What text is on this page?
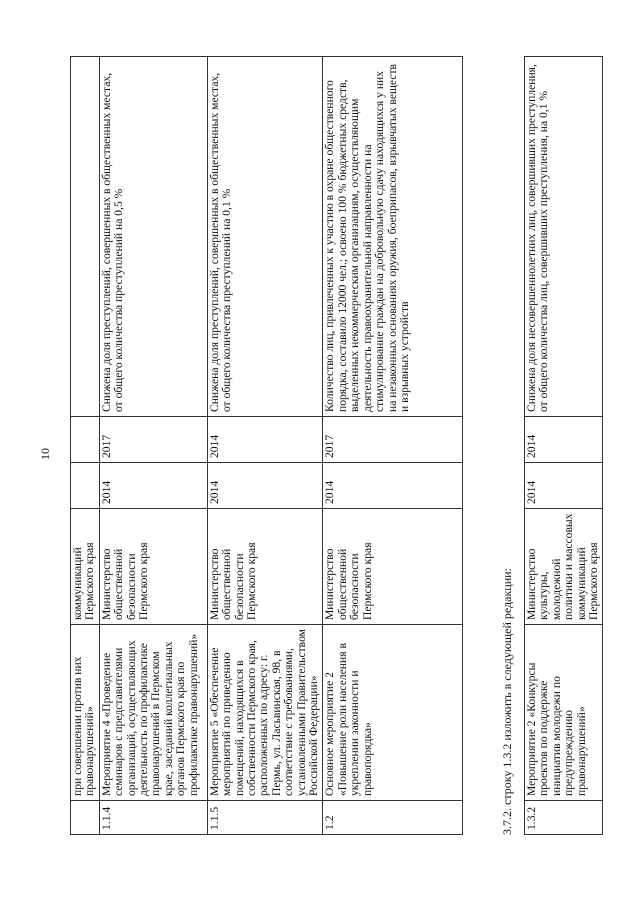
10
	при совершении против них правонарушений»	коммуникаций Пермского края			
1.1.4	Мероприятие 4 «Проведение семинаров с представителями организаций, осуществляющих деятельность по профилактике правонарушений в Пермском крае, заседаний коллегиальных органов Пермского края по профилактике правонарушений»	Министерство общественной безопасности Пермского края	2014	2017	Снижена доля преступлений, совершенных в общественных местах, от общего количества преступлений на 0,5 %
1.1.5	Мероприятие 5 «Обеспечение мероприятий по приведению помещений, находящихся в собственности Пермского края, расположенных по адресу: г. Пермь, ул. Ласьвинская, 98, в соответствие с требованиями, установленными Правительством Российской Федерации»	Министерство общественной безопасности Пермского края	2014	2014	Снижена доля преступлений, совершенных в общественных местах, от общего количества преступлений на 0,1 %
1.2	Основное мероприятие 2 «Повышение роли населения в укреплении законности и правопорядка»	Министерство общественной безопасности Пермского края	2014	2017	Количество лиц, привлеченных к участию в охране общественного порядка, составило 12000 чел.; освоено 100 % бюджетных средств, выделенных некоммерческим организациям, осуществляющим деятельность правоохранительной направленности на стимулирование граждан на добровольную сдачу находящихся у них на незаконных основаниях оружия, боеприпасов, взрывчатых веществ и взрывных устройств
3.7.2. строку 1.3.2 изложить в следующей редакции: 1.3.2	Мероприятие 2 «Конкурсы проектов по поддержке инициатив молодежи по предупреждению правонарушений»	Министерство культуры, молодежной политики и массовых коммуникаций Пермского края	2014	2014	Снижена доля несовершеннолетних лиц, совершивших преступления, от общего количества лиц, совершивших преступления, на 0,1 %
